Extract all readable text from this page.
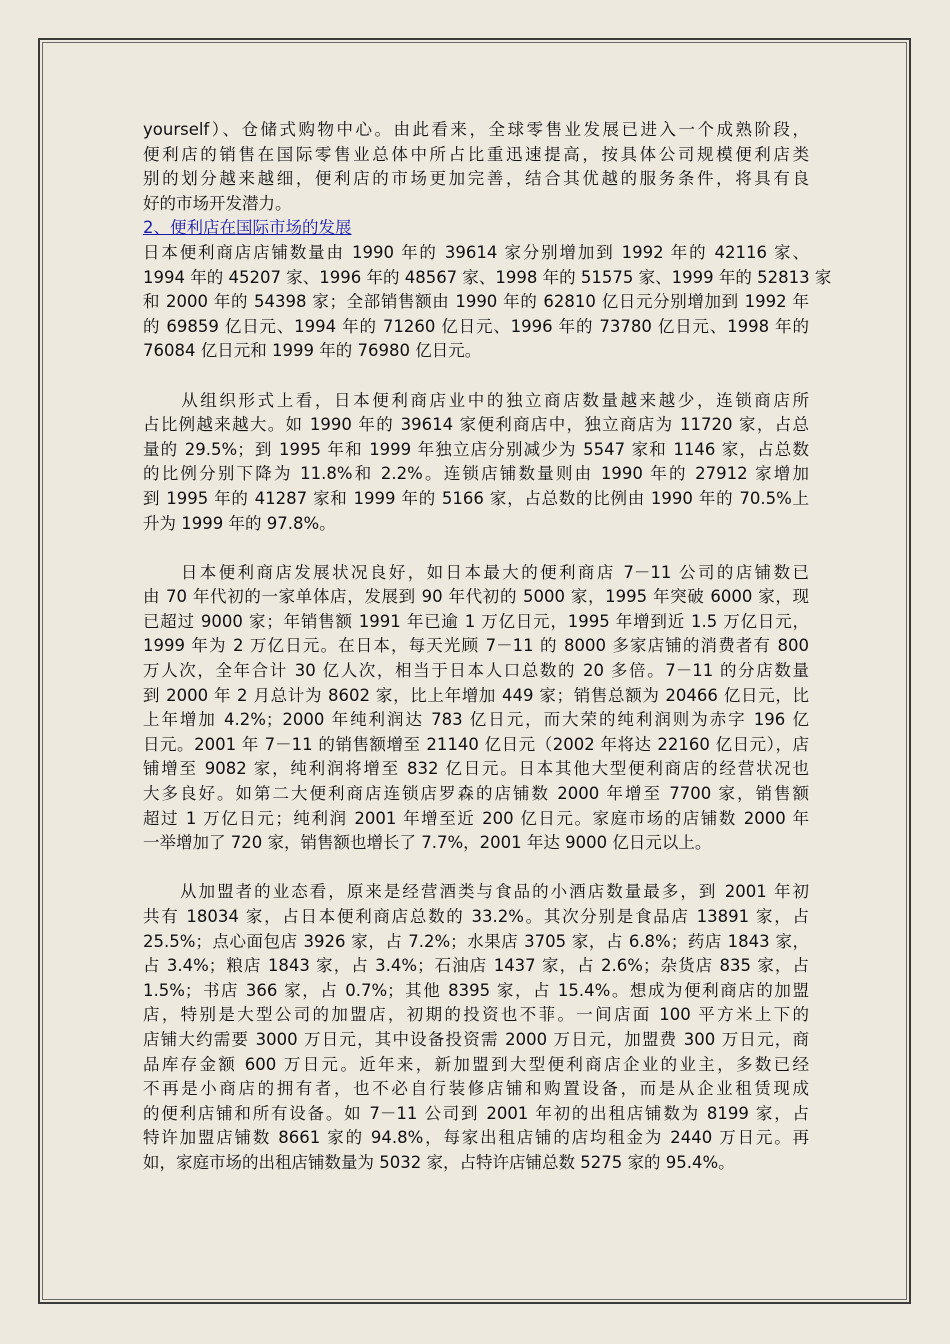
yourself）、仓储式购物中心。由此看来，全球零售业发展已进入一个成熟阶段，
便利店的销售在国际零售业总体中所占比重迅速提高，按具体公司规模便利店类
别的划分越来越细，便利店的市场更加完善，结合其优越的服务条件，将具有良
好的市场开发潜力。
2、便利店在国际市场的发展
日本便利商店店铺数量由 1990 年的 39614 家分别增加到 1992 年的 42116 家、
1994 年的 45207 家、1996 年的 48567 家、1998 年的 51575 家、1999 年的 52813 家
和 2000 年的 54398 家；全部销售额由 1990 年的 62810 亿日元分别增加到 1992 年
的 69859 亿日元、1994 年的 71260 亿日元、1996 年的 73780 亿日元、1998 年的
76084 亿日元和 1999 年的 76980 亿日元。
　　从组织形式上看，日本便利商店业中的独立商店数量越来越少，连锁商店所
占比例越来越大。如 1990 年的 39614 家便利商店中，独立商店为 11720 家，占总
量的 29.5%；到 1995 年和 1999 年独立店分别减少为 5547 家和 1146 家，占总数
的比例分别下降为 11.8%和 2.2%。连锁店铺数量则由 1990 年的 27912 家增加
到 1995 年的 41287 家和 1999 年的 5166 家，占总数的比例由 1990 年的 70.5%上
升为 1999 年的 97.8%。
　　日本便利商店发展状况良好，如日本最大的便利商店 7－11 公司的店铺数已
由 70 年代初的一家单体店，发展到 90 年代初的 5000 家，1995 年突破 6000 家，现
已超过 9000 家；年销售额 1991 年已逾 1 万亿日元，1995 年增到近 1.5 万亿日元，
1999 年为 2 万亿日元。在日本，每天光顾 7－11 的 8000 多家店铺的消费者有 800
万人次，全年合计 30 亿人次，相当于日本人口总数的 20 多倍。7－11 的分店数量
到 2000 年 2 月总计为 8602 家，比上年增加 449 家；销售总额为 20466 亿日元，比
上年增加 4.2%；2000 年纯利润达 783 亿日元，而大荣的纯利润则为赤字 196 亿
日元。2001 年 7－11 的销售额增至 21140 亿日元（2002 年将达 22160 亿日元），店
铺增至 9082 家，纯利润将增至 832 亿日元。日本其他大型便利商店的经营状况也
大多良好。如第二大便利商店连锁店罗森的店铺数 2000 年增至 7700 家，销售额
超过 1 万亿日元；纯利润 2001 年增至近 200 亿日元。家庭市场的店铺数 2000 年
一举增加了 720 家，销售额也增长了 7.7%，2001 年达 9000 亿日元以上。
　　从加盟者的业态看，原来是经营酒类与食品的小酒店数量最多，到 2001 年初
共有 18034 家，占日本便利商店总数的 33.2%。其次分别是食品店 13891 家，占
25.5%；点心面包店 3926 家，占 7.2%；水果店 3705 家，占 6.8%；药店 1843 家，
占 3.4%；粮店 1843 家，占 3.4%；石油店 1437 家，占 2.6%；杂货店 835 家，占
1.5%；书店 366 家，占 0.7%；其他 8395 家，占 15.4%。想成为便利商店的加盟
店，特别是大型公司的加盟店，初期的投资也不菲。一间店面 100 平方米上下的
店铺大约需要 3000 万日元，其中设备投资需 2000 万日元，加盟费 300 万日元，商
品库存金额 600 万日元。近年来，新加盟到大型便利商店企业的业主，多数已经
不再是小商店的拥有者，也不必自行装修店铺和购置设备，而是从企业租赁现成
的便利店铺和所有设备。如 7－11 公司到 2001 年初的出租店铺数为 8199 家，占
特许加盟店铺数 8661 家的 94.8%，每家出租店铺的店均租金为 2440 万日元。再
如，家庭市场的出租店铺数量为 5032 家，占特许店铺总数 5275 家的 95.4%。
